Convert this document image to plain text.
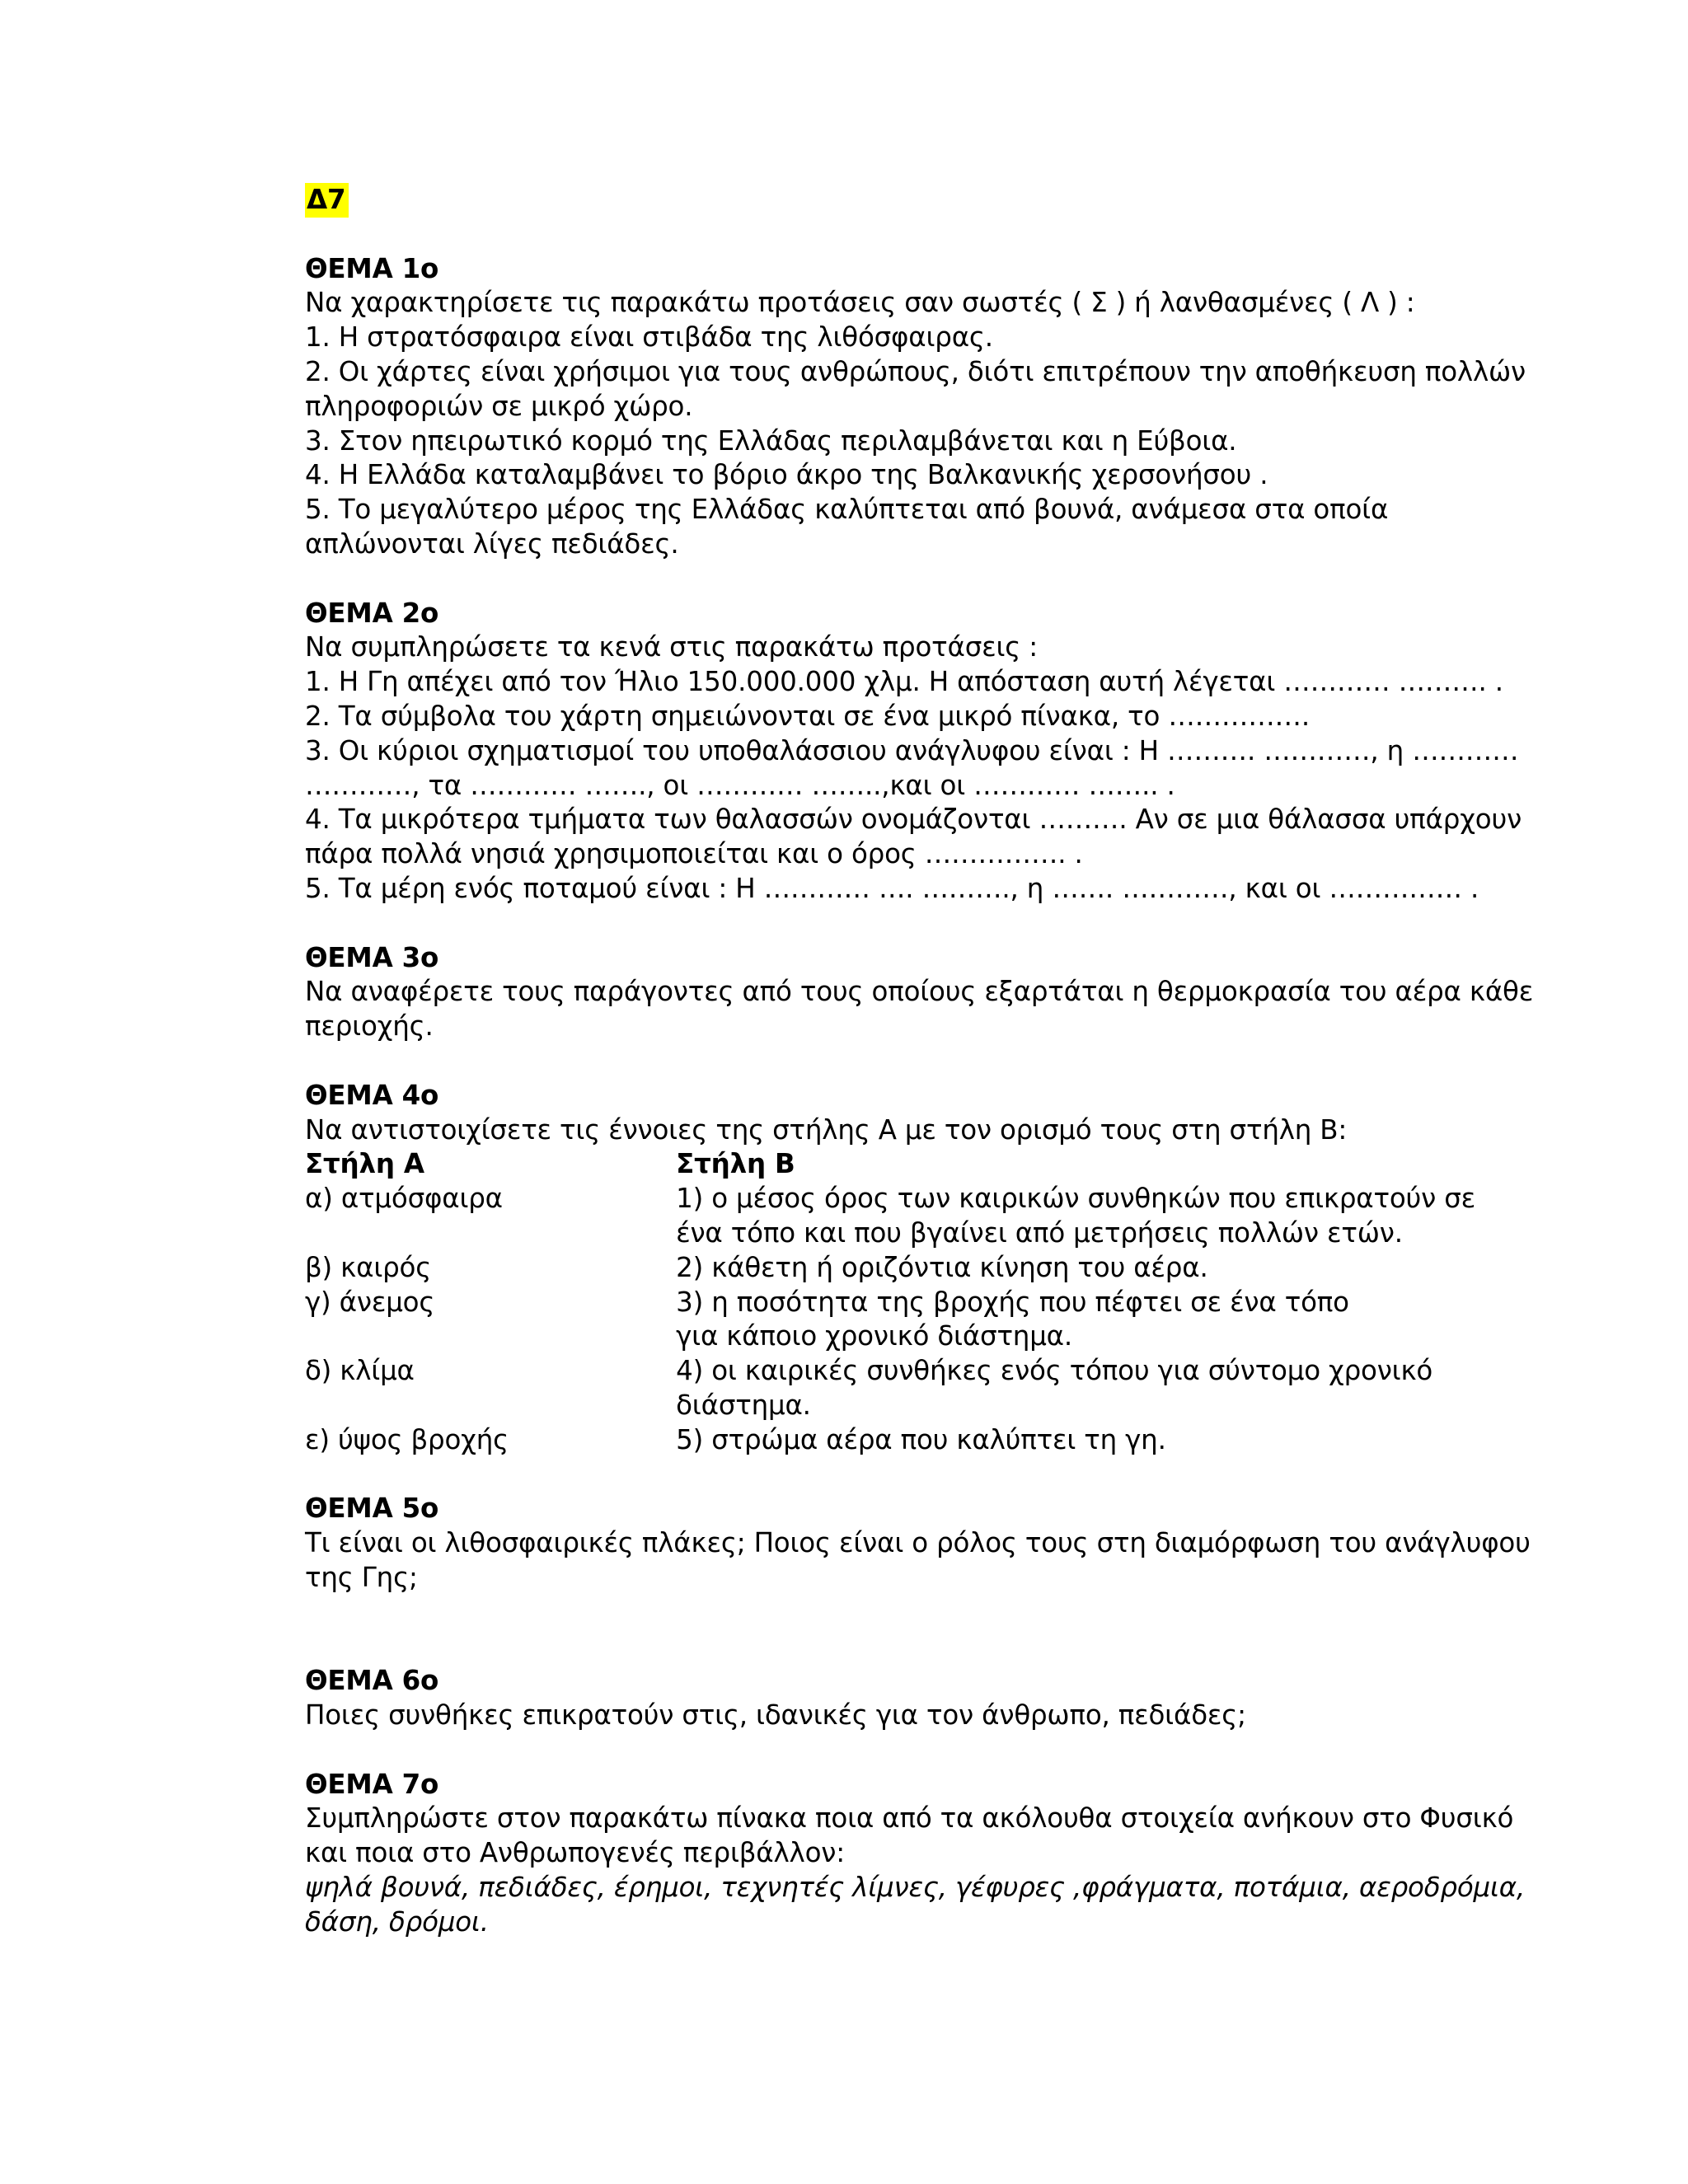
Δ7
ΘΕΜΑ 1ο
Να χαρακτηρίσετε τις παρακάτω προτάσεις σαν σωστές ( Σ ) ή λανθασμένες ( Λ ) :
1. Η στρατόσφαιρα είναι στιβάδα της λιθόσφαιρας.
2. Οι χάρτες είναι χρήσιμοι για τους ανθρώπους, διότι επιτρέπουν την αποθήκευση πολλών
πληροφοριών σε μικρό χώρο.
3. Στον ηπειρωτικό κορμό της Ελλάδας περιλαμβάνεται και η Εύβοια.
4. Η Ελλάδα καταλαμβάνει το βόριο άκρο της Βαλκανικής χερσονήσου .
5. Το μεγαλύτερο μέρος της Ελλάδας καλύπτεται από βουνά, ανάμεσα στα οποία
απλώνονται λίγες πεδιάδες.
ΘΕΜΑ 2ο
Να συμπληρώσετε τα κενά στις παρακάτω προτάσεις :
1. Η Γη απέχει από τον Ήλιο 150.000.000 χλμ. Η απόσταση αυτή λέγεται ………… ………. .
2. Τα σύμβολα του χάρτη σημειώνονται σε ένα μικρό πίνακα, το …………….
3. Οι κύριοι σχηματισμοί του υποθαλάσσιου ανάγλυφου είναι : Η ………. …………, η …………
…………, τα ………… ……., οι ………… ……..,και οι ………… …….. .
4. Τα μικρότερα τμήματα των θαλασσών ονομάζονται ………. Αν σε μια θάλασσα υπάρχουν
πάρα πολλά νησιά χρησιμοποιείται και ο όρος ……………. .
5. Τα μέρη ενός ποταμού είναι : Η ………… …. ………., η ……. …………, και οι …………… .
ΘΕΜΑ 3ο
Να αναφέρετε τους παράγοντες από τους οποίους εξαρτάται η θερμοκρασία του αέρα κάθε
περιοχής.
ΘΕΜΑ 4ο
Να αντιστοιχίσετε τις έννοιες της στήλης Α με τον ορισμό τους στη στήλη Β:
Στήλη Α	Στήλη Β
α) ατμόσφαιρα	1) ο μέσος όρος των καιρικών συνθηκών που επικρατούν σε
ένα τόπο και που βγαίνει από μετρήσεις πολλών ετών.

β) καιρός	2) κάθετη ή οριζόντια κίνηση του αέρα.

γ) άνεμος	3) η ποσότητα της βροχής που πέφτει σε ένα τόπο
για κάποιο χρονικό διάστημα.

δ) κλίμα	4) οι καιρικές συνθήκες ενός τόπου για σύντομο χρονικό
διάστημα.

ε) ύψος βροχής	5) στρώμα αέρα που καλύπτει τη γη.
ΘΕΜΑ 5ο
Τι είναι οι λιθοσφαιρικές πλάκες; Ποιος είναι ο ρόλος τους στη διαμόρφωση του ανάγλυφου
της Γης;
ΘΕΜΑ 6ο
Ποιες συνθήκες επικρατούν στις, ιδανικές για τον άνθρωπο, πεδιάδες;
ΘΕΜΑ 7ο
Συμπληρώστε στον παρακάτω πίνακα ποια από τα ακόλουθα στοιχεία ανήκουν στο Φυσικό
και ποια στο Ανθρωπογενές περιβάλλον:
ψηλά βουνά, πεδιάδες, έρημοι, τεχνητές λίμνες, γέφυρες ,φράγματα, ποτάμια, αεροδρόμια,
δάση, δρόμοι.
